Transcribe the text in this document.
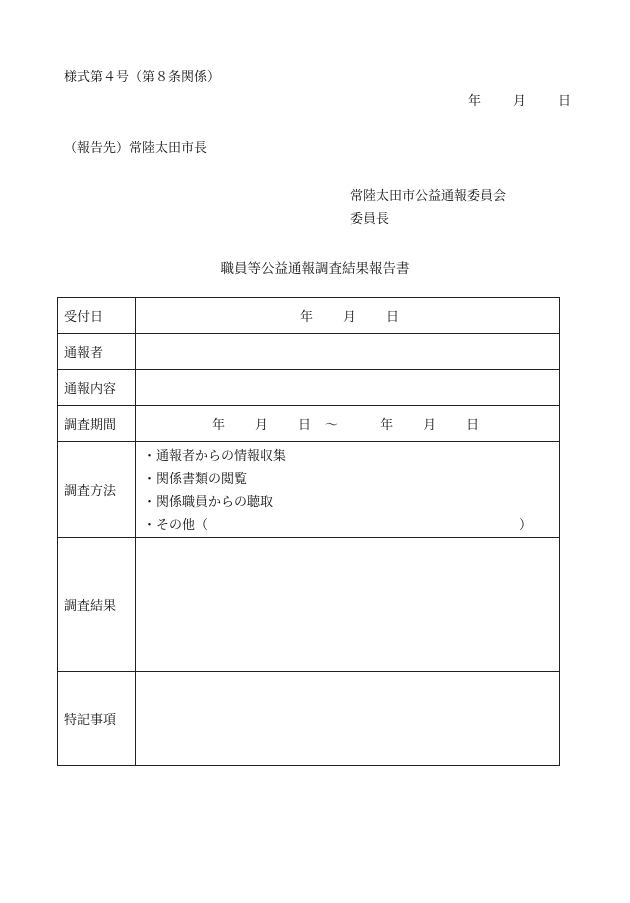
様式第４号（第８条関係）
年 月 日
（報告先）常陸太田市長
常陸太田市公益通報委員会
委員長
職員等公益通報調査結果報告書
受付日	年 月 日
通報者	
通報内容	
調査期間	年 月 日 ～ 年 月 日
調査方法	・通報者からの情報収集
・関係書類の閲覧
・関係職員からの聴取
・その他（ ）

調査結果	
特記事項	
